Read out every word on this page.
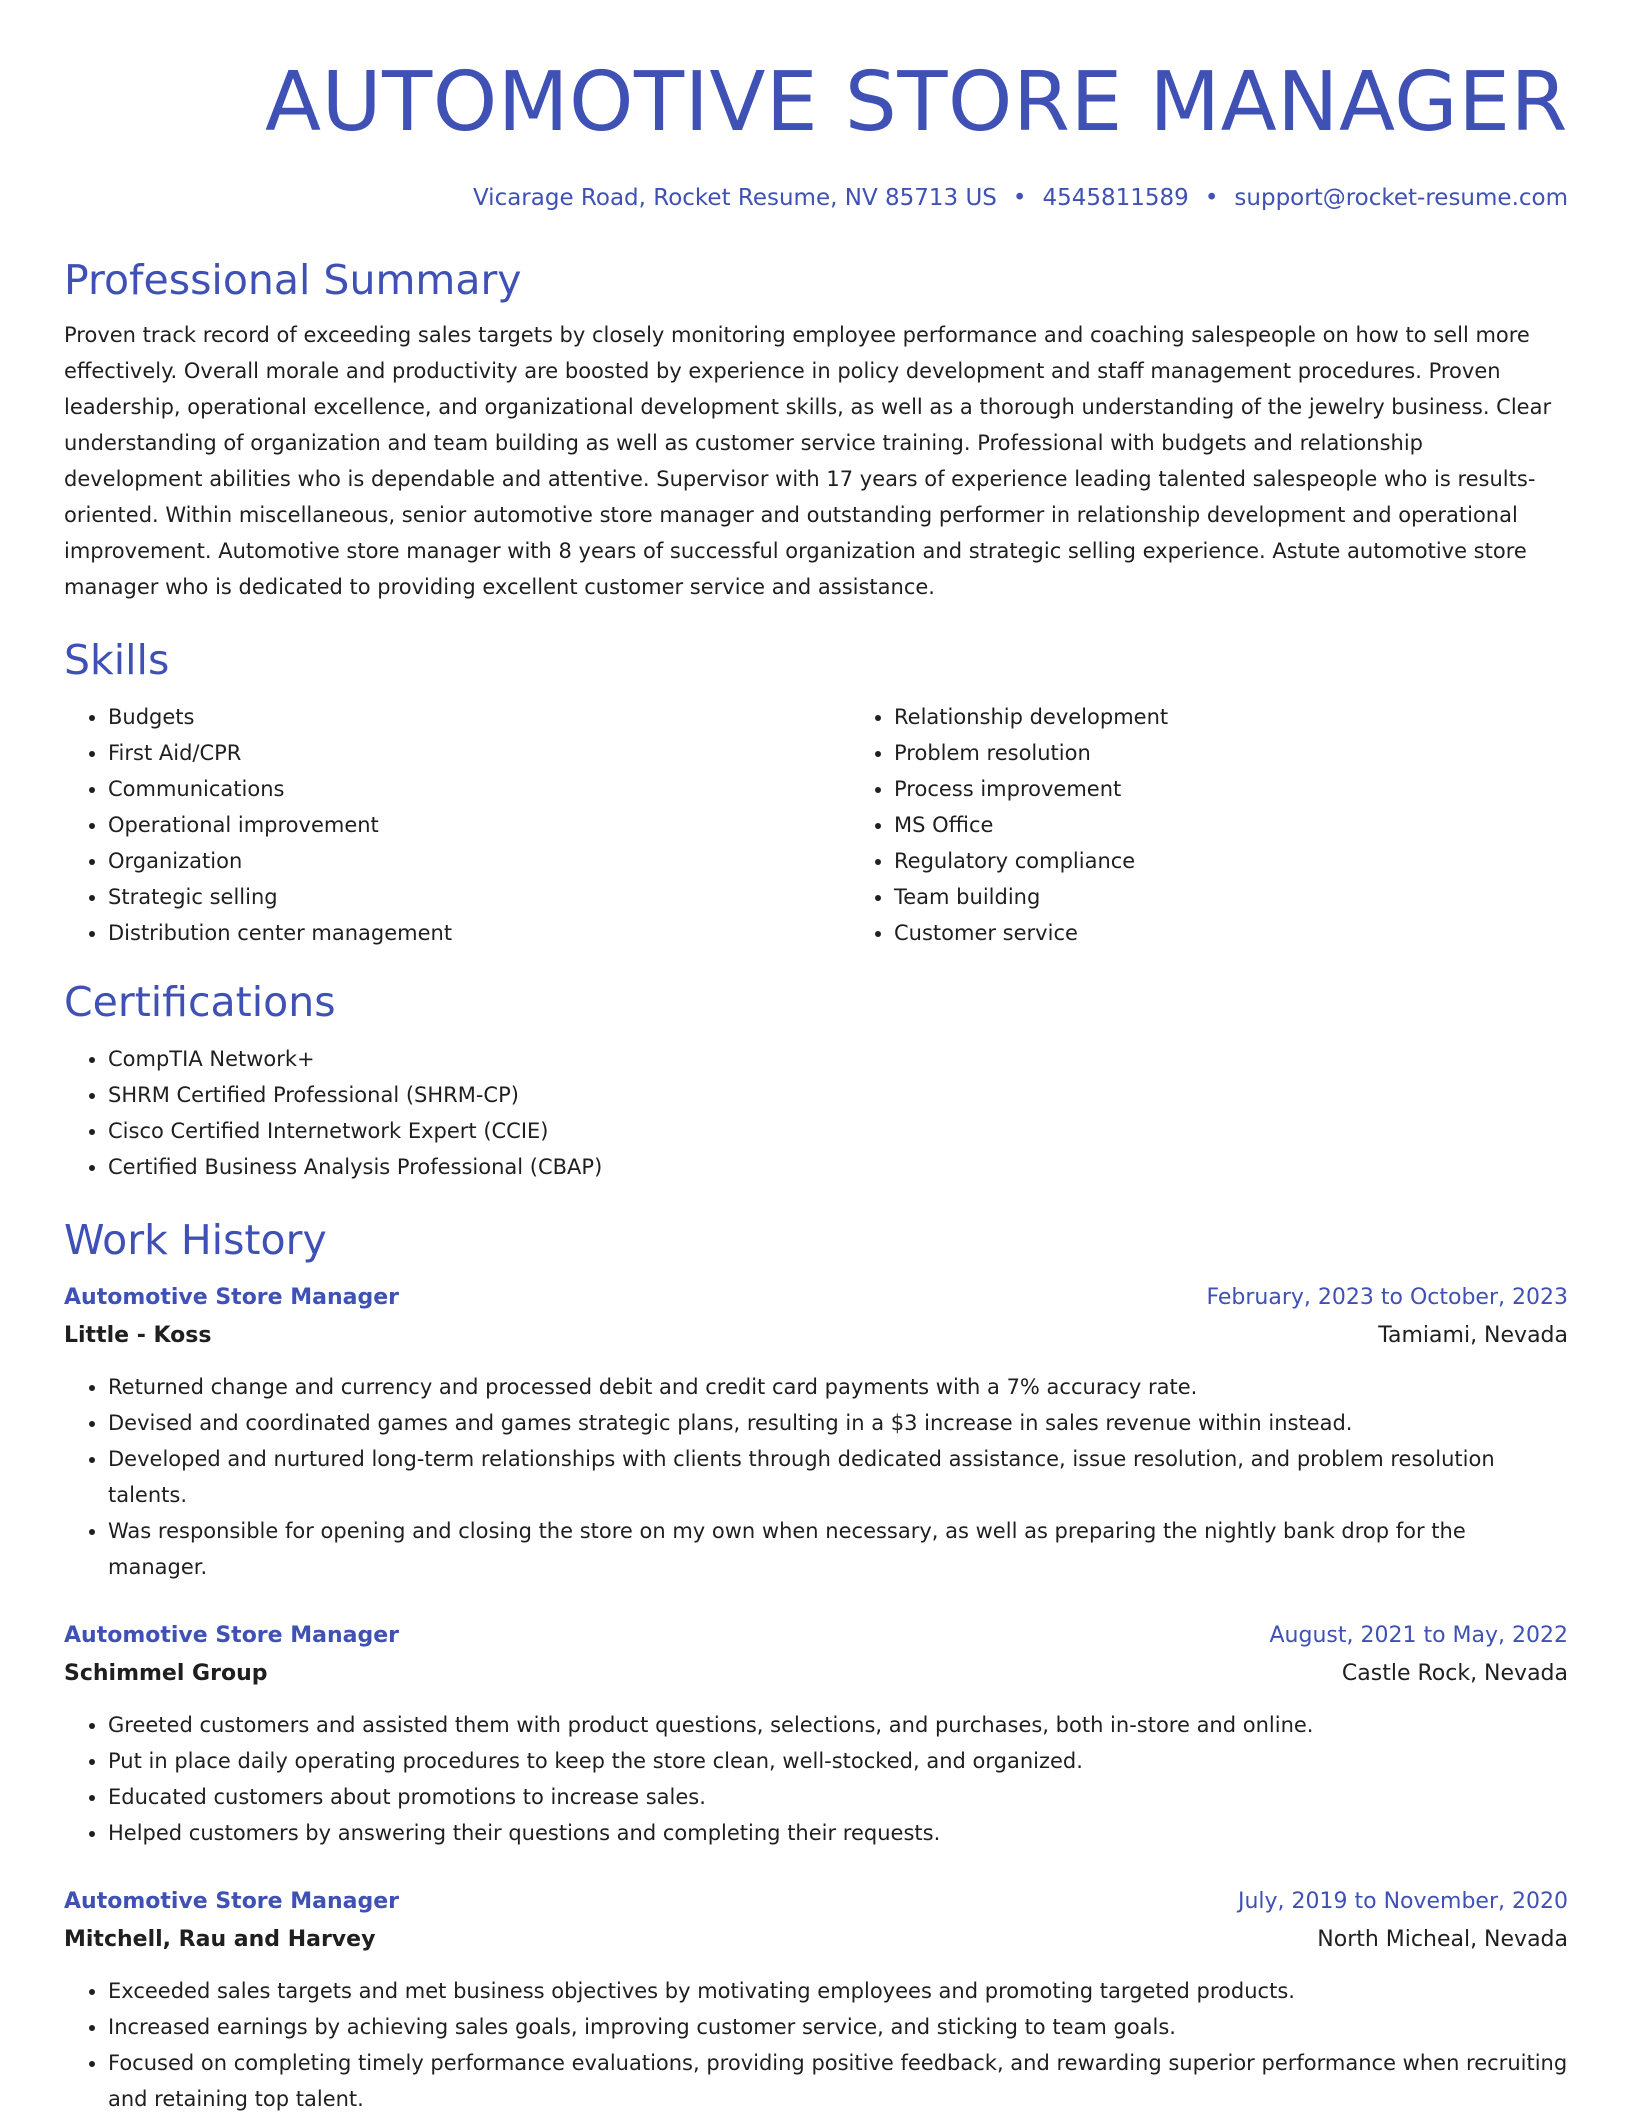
AUTOMOTIVE STORE MANAGER
Vicarage Road, Rocket Resume, NV 85713 US • 4545811589 • support@rocket-resume.com
Professional Summary
Proven track record of exceeding sales targets by closely monitoring employee performance and coaching salespeople on how to sell more effectively. Overall morale and productivity are boosted by experience in policy development and staff management procedures. Proven leadership, operational excellence, and organizational development skills, as well as a thorough understanding of the jewelry business. Clear understanding of organization and team building as well as customer service training. Professional with budgets and relationship development abilities who is dependable and attentive. Supervisor with 17 years of experience leading talented salespeople who is results-oriented. Within miscellaneous, senior automotive store manager and outstanding performer in relationship development and operational improvement. Automotive store manager with 8 years of successful organization and strategic selling experience. Astute automotive store manager who is dedicated to providing excellent customer service and assistance.
Skills
• Budgets
• First Aid/CPR
• Communications
• Operational improvement
• Organization
• Strategic selling
• Distribution center management
• Relationship development
• Problem resolution
• Process improvement
• MS Office
• Regulatory compliance
• Team building
• Customer service
Certifications
• CompTIA Network+
• SHRM Certified Professional (SHRM-CP)
• Cisco Certified Internetwork Expert (CCIE)
• Certified Business Analysis Professional (CBAP)
Work History
Automotive Store Manager	February, 2023 to October, 2023
Little - Koss	Tamiami, Nevada
• Returned change and currency and processed debit and credit card payments with a 7% accuracy rate.
• Devised and coordinated games and games strategic plans, resulting in a $3 increase in sales revenue within instead.
• Developed and nurtured long-term relationships with clients through dedicated assistance, issue resolution, and problem resolution talents.
• Was responsible for opening and closing the store on my own when necessary, as well as preparing the nightly bank drop for the manager.
Automotive Store Manager	August, 2021 to May, 2022
Schimmel Group	Castle Rock, Nevada
• Greeted customers and assisted them with product questions, selections, and purchases, both in-store and online.
• Put in place daily operating procedures to keep the store clean, well-stocked, and organized.
• Educated customers about promotions to increase sales.
• Helped customers by answering their questions and completing their requests.
Automotive Store Manager	July, 2019 to November, 2020
Mitchell, Rau and Harvey	North Micheal, Nevada
• Exceeded sales targets and met business objectives by motivating employees and promoting targeted products.
• Increased earnings by achieving sales goals, improving customer service, and sticking to team goals.
• Focused on completing timely performance evaluations, providing positive feedback, and rewarding superior performance when recruiting and retaining top talent.
